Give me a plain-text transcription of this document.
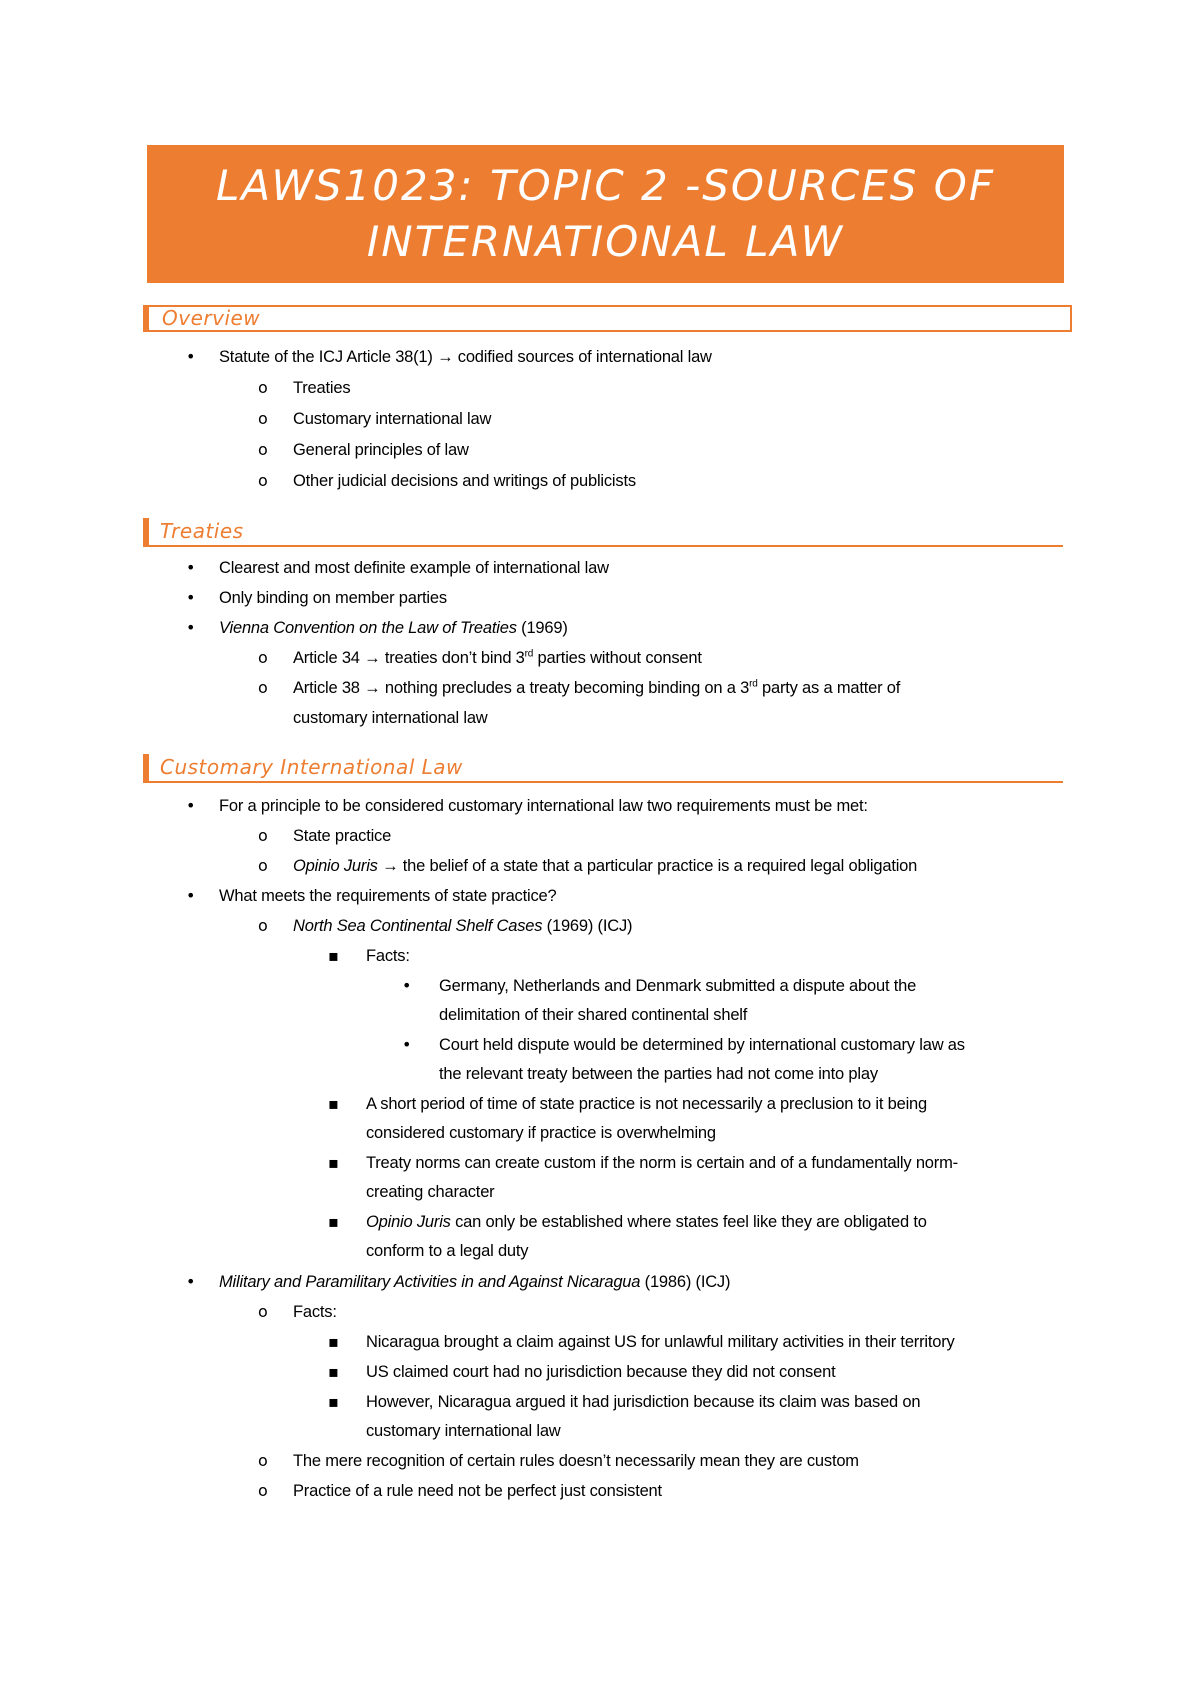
LAWS1023: TOPIC 2 -SOURCES OF INTERNATIONAL LAW
Overview
•
Statute of the ICJ Article 38(1) → codified sources of international law
o
Treaties
o
Customary international law
o
General principles of law
o
Other judicial decisions and writings of publicists
Treaties
•
Clearest and most definite example of international law
•
Only binding on member parties
•
Vienna Convention on the Law of Treaties (1969)
o
Article 34 → treaties don’t bind 3rd parties without consent
o
Article 38 → nothing precludes a treaty becoming binding on a 3rd party as a matter of
customary international law
Customary International Law
•
For a principle to be considered customary international law two requirements must be met:
o
State practice
o
Opinio Juris → the belief of a state that a particular practice is a required legal obligation
•
What meets the requirements of state practice?
o
North Sea Continental Shelf Cases (1969) (ICJ)
▪
Facts:
•
Germany, Netherlands and Denmark submitted a dispute about the
delimitation of their shared continental shelf
•
Court held dispute would be determined by international customary law as
the relevant treaty between the parties had not come into play
▪
A short period of time of state practice is not necessarily a preclusion to it being
considered customary if practice is overwhelming
▪
Treaty norms can create custom if the norm is certain and of a fundamentally norm-
creating character
▪
Opinio Juris can only be established where states feel like they are obligated to
conform to a legal duty
•
Military and Paramilitary Activities in and Against Nicaragua (1986) (ICJ)
o
Facts:
▪
Nicaragua brought a claim against US for unlawful military activities in their territory
▪
US claimed court had no jurisdiction because they did not consent
▪
However, Nicaragua argued it had jurisdiction because its claim was based on
customary international law
o
The mere recognition of certain rules doesn’t necessarily mean they are custom
o
Practice of a rule need not be perfect just consistent
